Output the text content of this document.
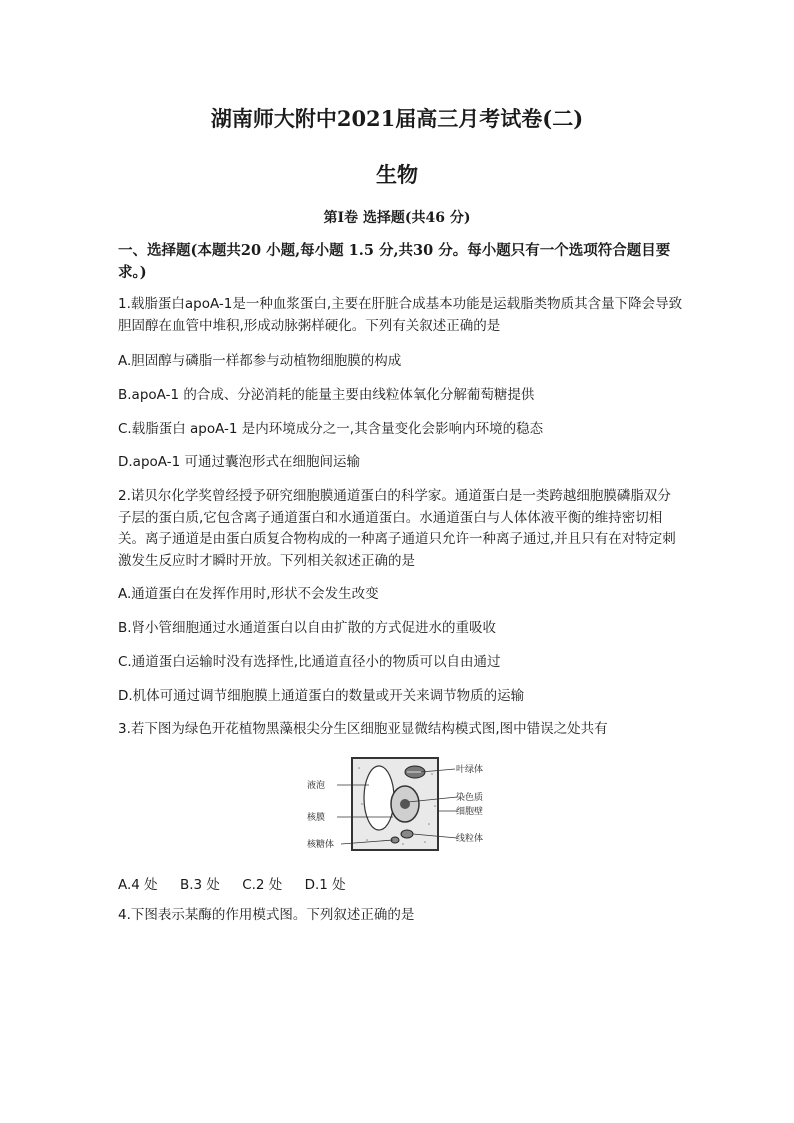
湖南师大附中2021届高三月考试卷(二)
生物
第Ⅰ卷 选择题(共46 分)
一、选择题(本题共20 小题,每小题 1.5 分,共30 分。每小题只有一个选项符合题目要求。)
1.载脂蛋白apoA-1是一种血浆蛋白,主要在肝脏合成基本功能是运载脂类物质其含量下降会导致胆固醇在血管中堆积,形成动脉粥样硬化。下列有关叙述正确的是
A.胆固醇与磷脂一样都参与动植物细胞膜的构成
B.apoA-1 的合成、分泌消耗的能量主要由线粒体氧化分解葡萄糖提供
C.载脂蛋白 apoA-1 是内环境成分之一,其含量变化会影响内环境的稳态
D.apoA-1 可通过囊泡形式在细胞间运输
2.诺贝尔化学奖曾经授予研究细胞膜通道蛋白的科学家。通道蛋白是一类跨越细胞膜磷脂双分子层的蛋白质,它包含离子通道蛋白和水通道蛋白。水通道蛋白与人体体液平衡的维持密切相关。离子通道是由蛋白质复合物构成的一种离子通道只允许一种离子通过,并且只有在对特定刺激发生反应时才瞬时开放。下列相关叙述正确的是
A.通道蛋白在发挥作用时,形状不会发生改变
B.肾小管细胞通过水通道蛋白以自由扩散的方式促进水的重吸收
C.通道蛋白运输时没有选择性,比通道直径小的物质可以自由通过
D.机体可通过调节细胞膜上通道蛋白的数量或开关来调节物质的运输
3.若下图为绿色开花植物黑藻根尖分生区细胞亚显微结构模式图,图中错误之处共有
液泡
核膜
核糖体
叶绿体
染色质
细胞壁
线粒体
A.4 处 B.3 处 C.2 处 D.1 处
4.下图表示某酶的作用模式图。下列叙述正确的是
